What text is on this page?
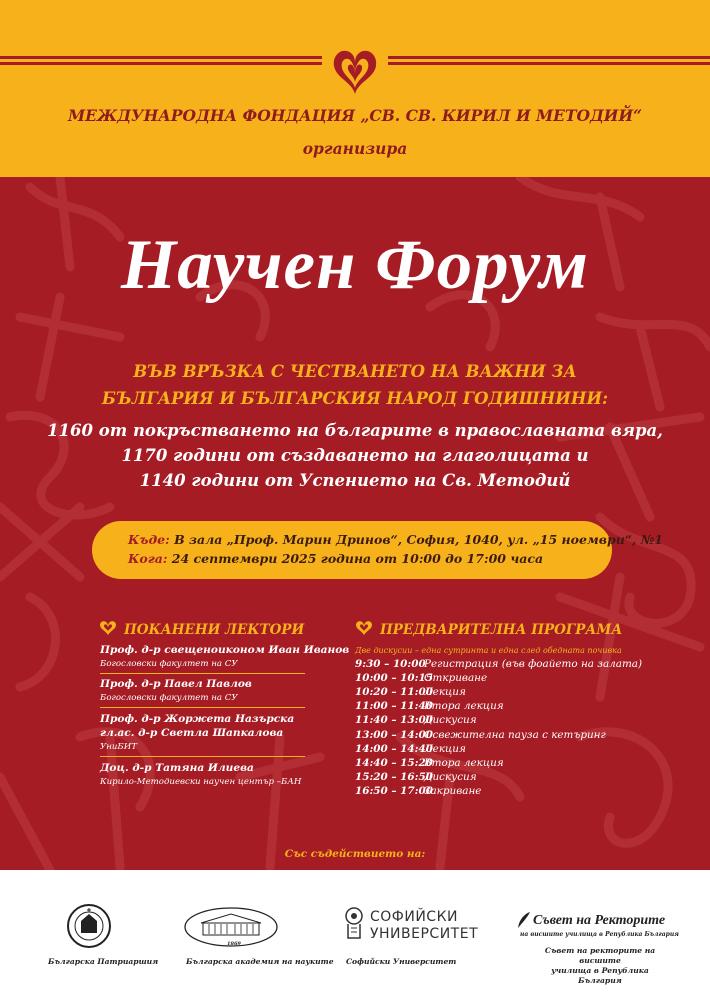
МЕЖДУНАРОДНА ФОНДАЦИЯ „СВ. СВ. КИРИЛ И МЕТОДИЙ“
организира
Научен Форум
ВЪВ ВРЪЗКА С ЧЕСТВАНЕТО НА ВАЖНИ ЗА
БЪЛГАРИЯ И БЪЛГАРСКИЯ НАРОД ГОДИШНИНИ:
1160 от покръстването на българите в православната вяра,
1170 години от създаването на глаголицата и
1140 години от Успението на Св. Методий
Къде: В зала „Проф. Марин Дринов“, София, 1040, ул. „15 ноември“, №1
Кога: 24 септември 2025 година от 10:00 до 17:00 часа
ПОКАНЕНИ ЛЕКТОРИ
Проф. д-р свещеноиконом Иван Иванов
Богословски факултет на СУ
Проф. д-р Павел Павлов
Богословски факултет на СУ
Проф. д-р Жоржета Назърска
гл.ас. д-р Светла Шапкалова
УниБИТ
Доц. д-р Татяна Илиева
Кирило-Методиевски научен център –БАН
ПРЕДВАРИТЕЛНА ПРОГРАМА
Две дискусии – една сутринта и една след обедната почивка
9:30 – 10:00
Регистрация (във фоайето на залата)
10:00 – 10:15
Откриване
10:20 – 11:00
Лекция
11:00 – 11:40
Втора лекция
11:40 – 13:00
Дискусия
13:00 – 14:00
Освежителна пауза с кетъринг
14:00 – 14:40
Лекция
14:40 – 15:20
Втора лекция
15:20 – 16:50
Дискусия
16:50 – 17:00
Закриване
Със съдействието на:
Българска Патриаршия
1869
Българска академия на науките
СОФИЙСКИ
УНИВЕРСИТЕТ
Софийски Университет
Съвет на Ректорите
на висшите училища в Република България
Съвет на ректорите на висшите
училища в Република България
